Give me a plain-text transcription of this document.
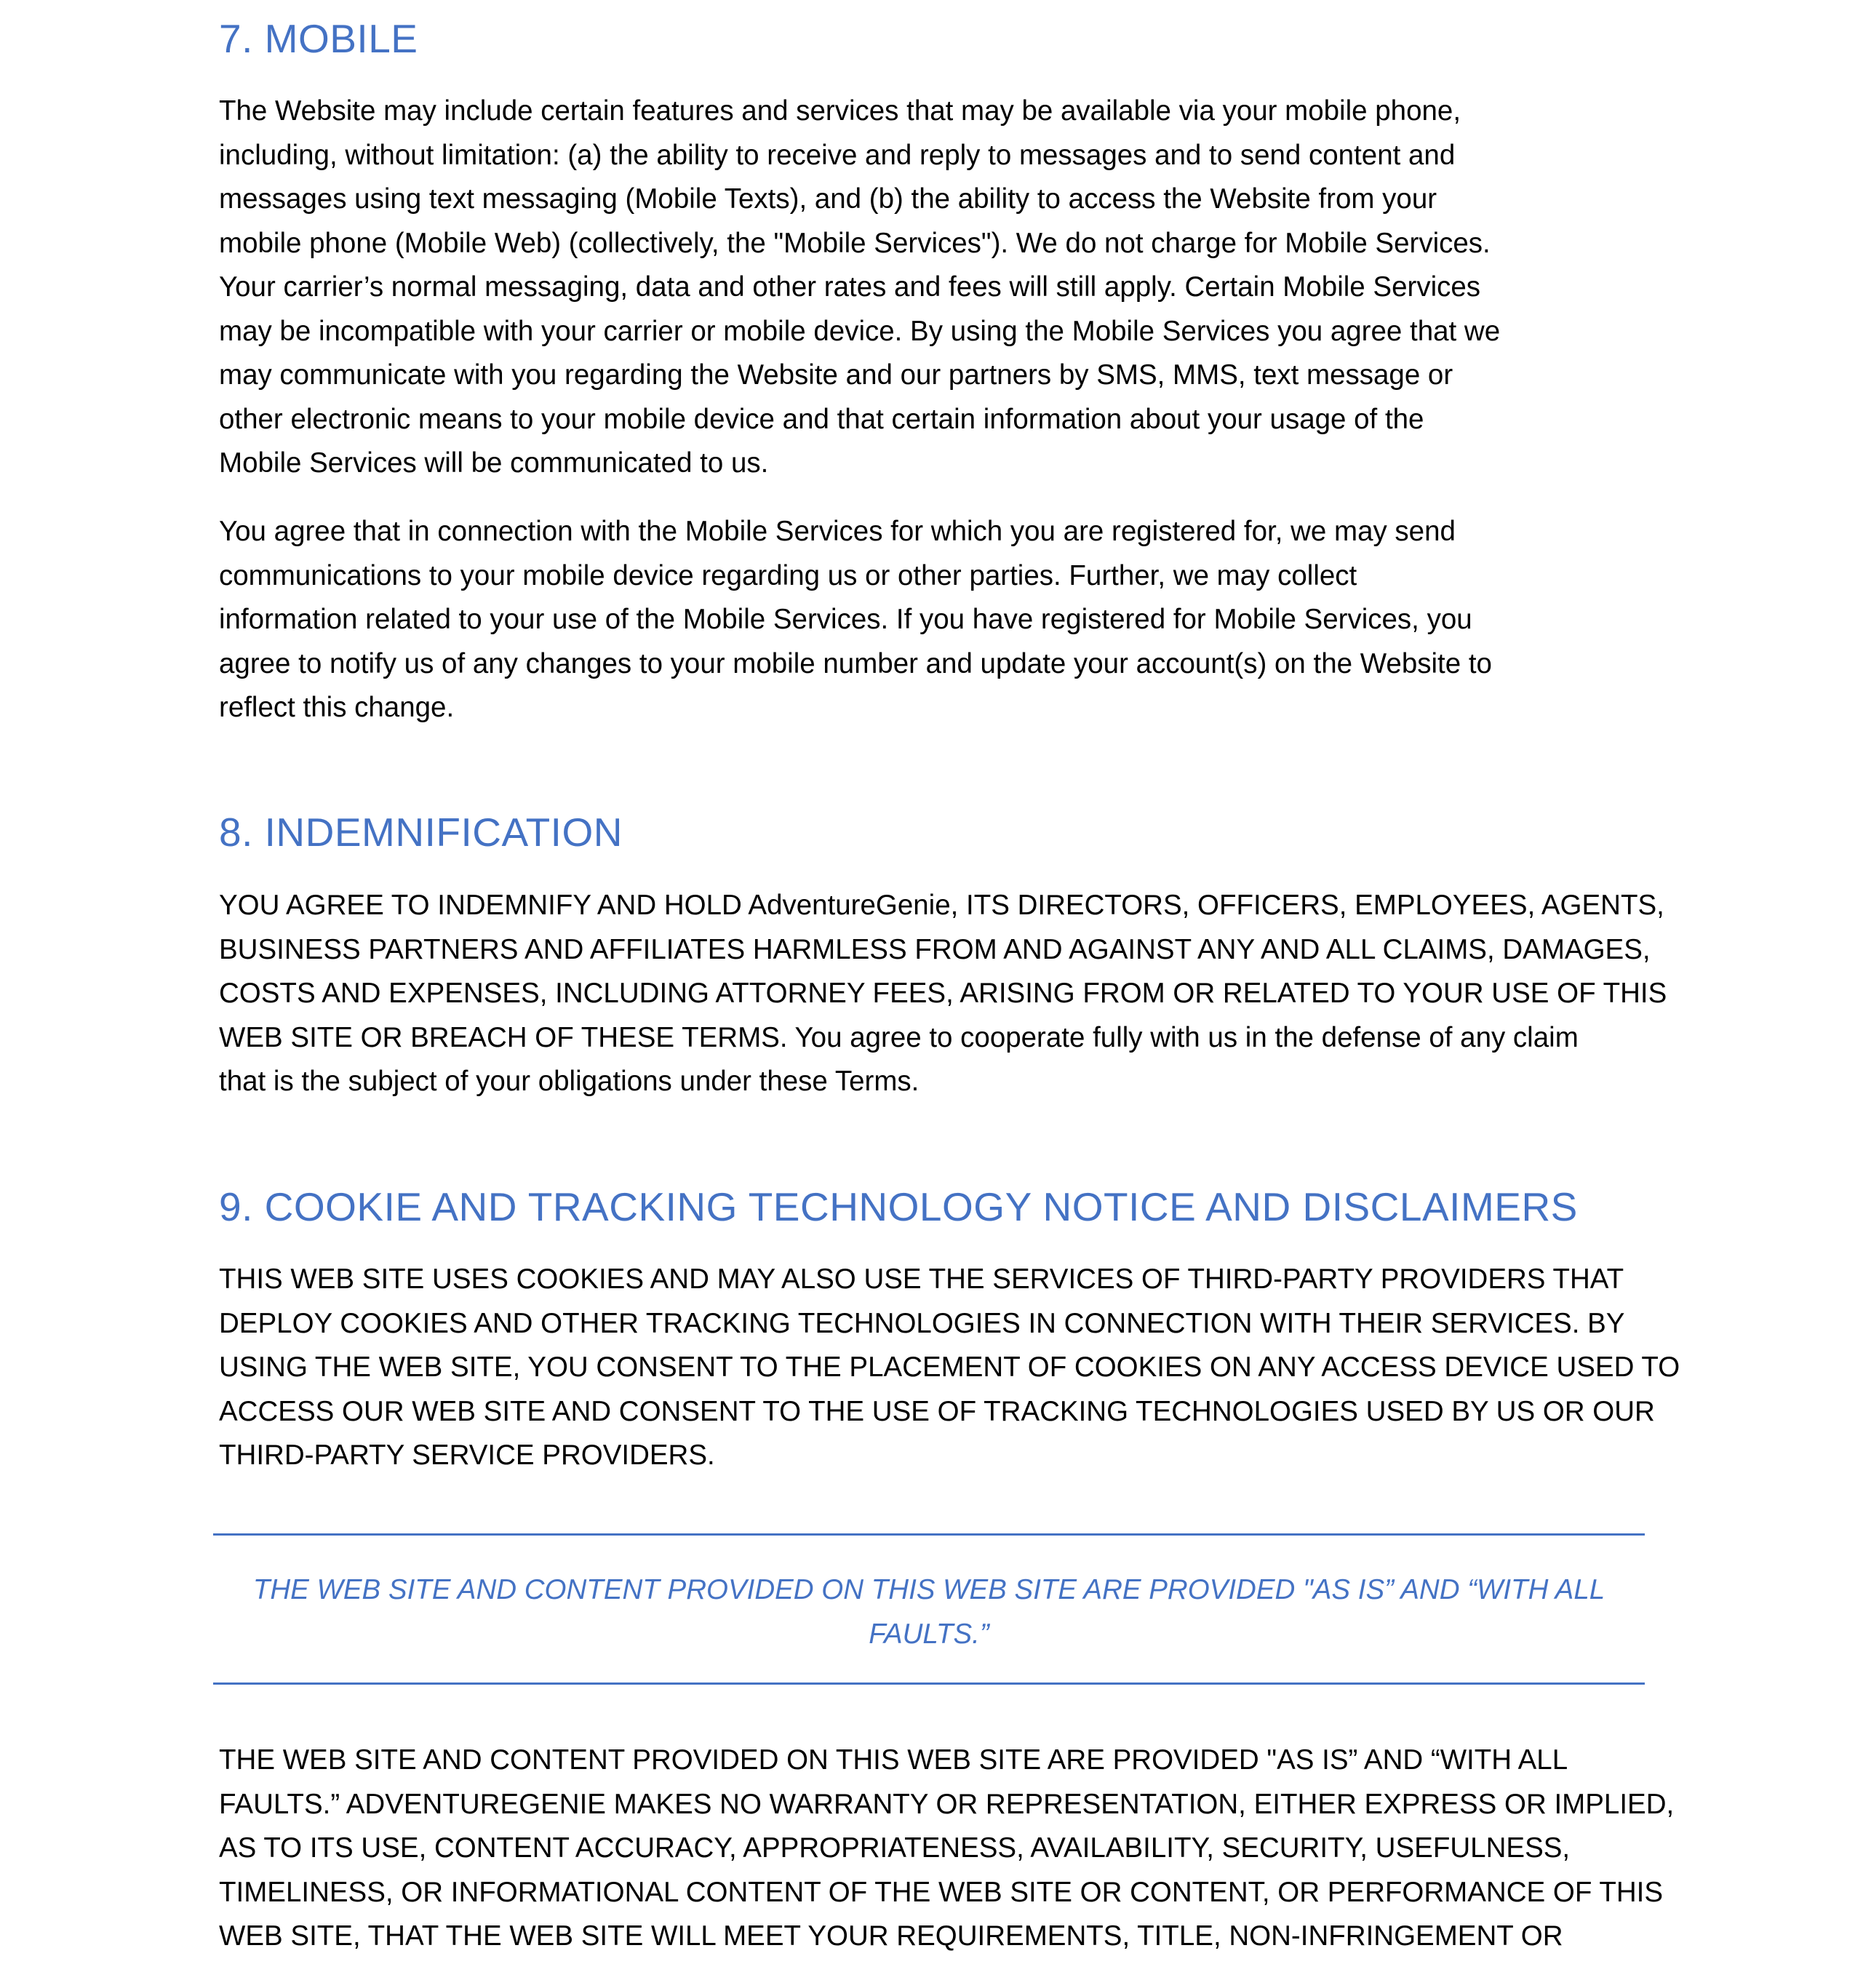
7. MOBILE
The Website may include certain features and services that may be available via your mobile phone,
including, without limitation: (a) the ability to receive and reply to messages and to send content and
messages using text messaging (Mobile Texts), and (b) the ability to access the Website from your
mobile phone (Mobile Web) (collectively, the "Mobile Services"). We do not charge for Mobile Services.
Your carrier’s normal messaging, data and other rates and fees will still apply. Certain Mobile Services
may be incompatible with your carrier or mobile device. By using the Mobile Services you agree that we
may communicate with you regarding the Website and our partners by SMS, MMS, text message or
other electronic means to your mobile device and that certain information about your usage of the
Mobile Services will be communicated to us.
You agree that in connection with the Mobile Services for which you are registered for, we may send
communications to your mobile device regarding us or other parties. Further, we may collect
information related to your use of the Mobile Services. If you have registered for Mobile Services, you
agree to notify us of any changes to your mobile number and update your account(s) on the Website to
reflect this change.
8. INDEMNIFICATION
YOU AGREE TO INDEMNIFY AND HOLD AdventureGenie, ITS DIRECTORS, OFFICERS, EMPLOYEES, AGENTS,
BUSINESS PARTNERS AND AFFILIATES HARMLESS FROM AND AGAINST ANY AND ALL CLAIMS, DAMAGES,
COSTS AND EXPENSES, INCLUDING ATTORNEY FEES, ARISING FROM OR RELATED TO YOUR USE OF THIS
WEB SITE OR BREACH OF THESE TERMS. You agree to cooperate fully with us in the defense of any claim
that is the subject of your obligations under these Terms.
9. COOKIE AND TRACKING TECHNOLOGY NOTICE AND DISCLAIMERS
THIS WEB SITE USES COOKIES AND MAY ALSO USE THE SERVICES OF THIRD-PARTY PROVIDERS THAT
DEPLOY COOKIES AND OTHER TRACKING TECHNOLOGIES IN CONNECTION WITH THEIR SERVICES. BY
USING THE WEB SITE, YOU CONSENT TO THE PLACEMENT OF COOKIES ON ANY ACCESS DEVICE USED TO
ACCESS OUR WEB SITE AND CONSENT TO THE USE OF TRACKING TECHNOLOGIES USED BY US OR OUR
THIRD-PARTY SERVICE PROVIDERS.
THE WEB SITE AND CONTENT PROVIDED ON THIS WEB SITE ARE PROVIDED "AS IS” AND “WITH ALL
FAULTS.”
THE WEB SITE AND CONTENT PROVIDED ON THIS WEB SITE ARE PROVIDED "AS IS” AND “WITH ALL
FAULTS.” ADVENTUREGENIE MAKES NO WARRANTY OR REPRESENTATION, EITHER EXPRESS OR IMPLIED,
AS TO ITS USE, CONTENT ACCURACY, APPROPRIATENESS, AVAILABILITY, SECURITY, USEFULNESS,
TIMELINESS, OR INFORMATIONAL CONTENT OF THE WEB SITE OR CONTENT, OR PERFORMANCE OF THIS
WEB SITE, THAT THE WEB SITE WILL MEET YOUR REQUIREMENTS, TITLE, NON-INFRINGEMENT OR
